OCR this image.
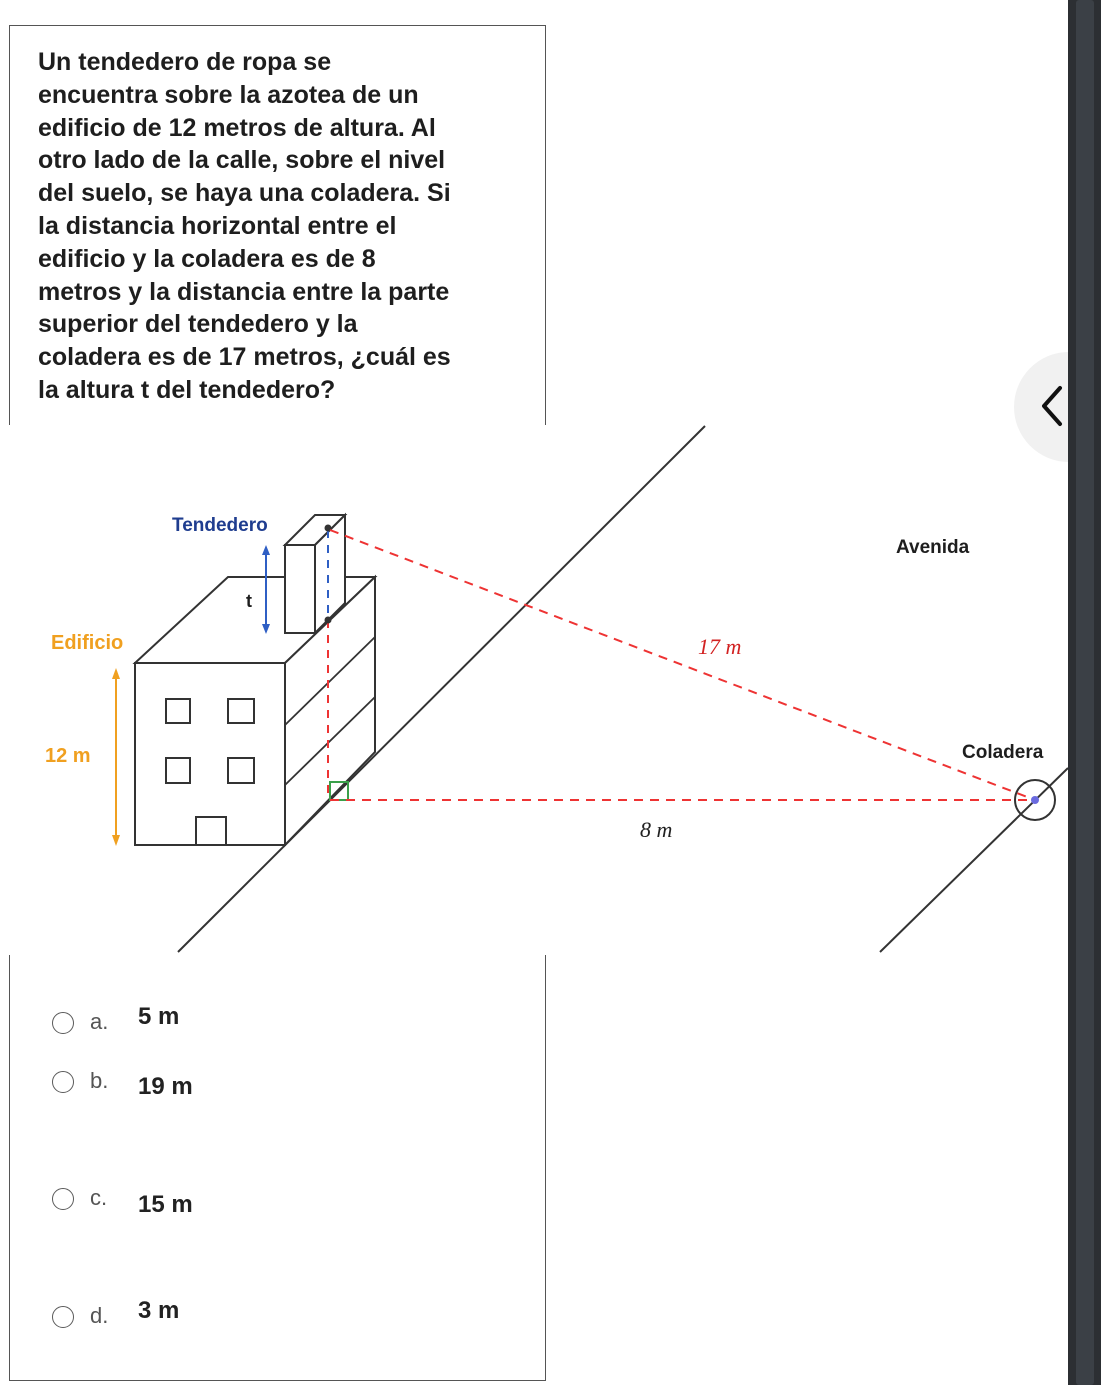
Un tendedero de ropa se
encuentra sobre la azotea de un
edificio de 12 metros de altura. Al
otro lado de la calle, sobre el nivel
del suelo, se haya una coladera. Si
la distancia horizontal entre el
edificio y la coladera es de 8
metros y la distancia entre la parte
superior del tendedero y la
coladera es de 17 metros, ¿cuál es
la altura t del tendedero?
Tendedero
t
Edificio
12 m
Avenida
17 m
Coladera
8 m
a. 5 m
b. 19 m
c. 15 m
d. 3 m
